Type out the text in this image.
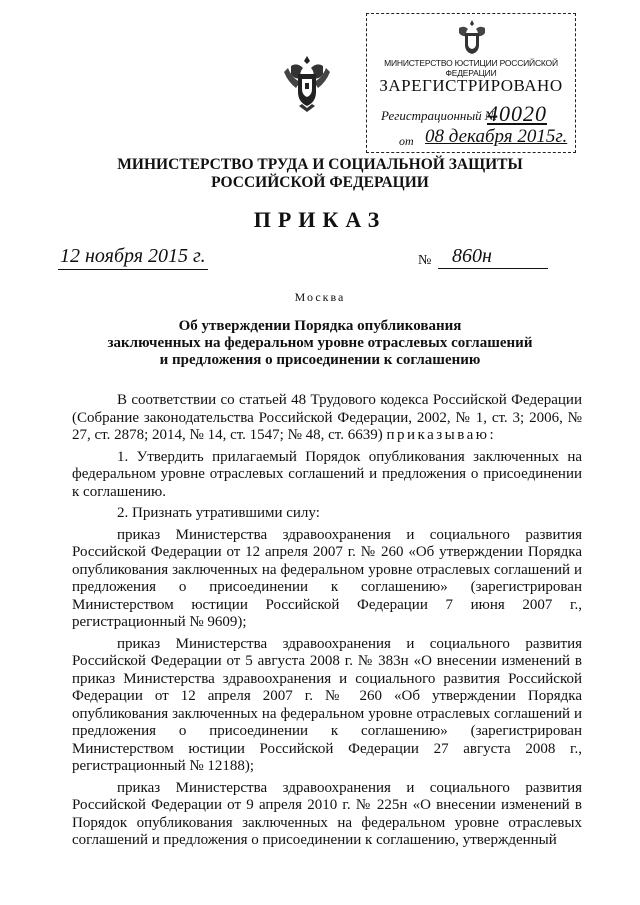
МИНИСТЕРСТВО ЮСТИЦИИ РОССИЙСКОЙ ФЕДЕРАЦИИ
ЗАРЕГИСТРИРОВАНО
Регистрационный №
40020
от 08 декабря 2015г.
МИНИСТЕРСТВО ТРУДА И СОЦИАЛЬНОЙ ЗАЩИТЫ
РОССИЙСКОЙ ФЕДЕРАЦИИ
ПРИКАЗ
12 ноября 2015 г.	№	860н
Москва
Об утверждении Порядка опубликования
заключенных на федеральном уровне отраслевых соглашений
и предложения о присоединении к соглашению

В соответствии со статьей 48 Трудового кодекса Российской Федерации (Собрание законодательства Российской Федерации, 2002, № 1, ст. 3; 2006, № 27, ст. 2878; 2014, № 14, ст. 1547; № 48, ст. 6639) приказываю:

1. Утвердить прилагаемый Порядок опубликования заключенных на федеральном уровне отраслевых соглашений и предложения о присоединении к соглашению.

2. Признать утратившими силу:

приказ Министерства здравоохранения и социального развития Российской Федерации от 12 апреля 2007 г. № 260 «Об утверждении Порядка опубликования заключенных на федеральном уровне отраслевых соглашений и предложения о присоединении к соглашению» (зарегистрирован Министерством юстиции Российской Федерации 7 июня 2007 г., регистрационный № 9609);

приказ Министерства здравоохранения и социального развития Российской Федерации от 5 августа 2008 г. № 383н «О внесении изменений в приказ Министерства здравоохранения и социального развития Российской Федерации от 12 апреля 2007 г. № 260 «Об утверждении Порядка опубликования заключенных на федеральном уровне отраслевых соглашений и предложения о присоединении к соглашению» (зарегистрирован Министерством юстиции Российской Федерации 27 августа 2008 г., регистрационный № 12188);

приказ Министерства здравоохранения и социального развития Российской Федерации от 9 апреля 2010 г. № 225н «О внесении изменений в Порядок опубликования заключенных на федеральном уровне отраслевых соглашений и предложения о присоединении к соглашению, утвержденный
